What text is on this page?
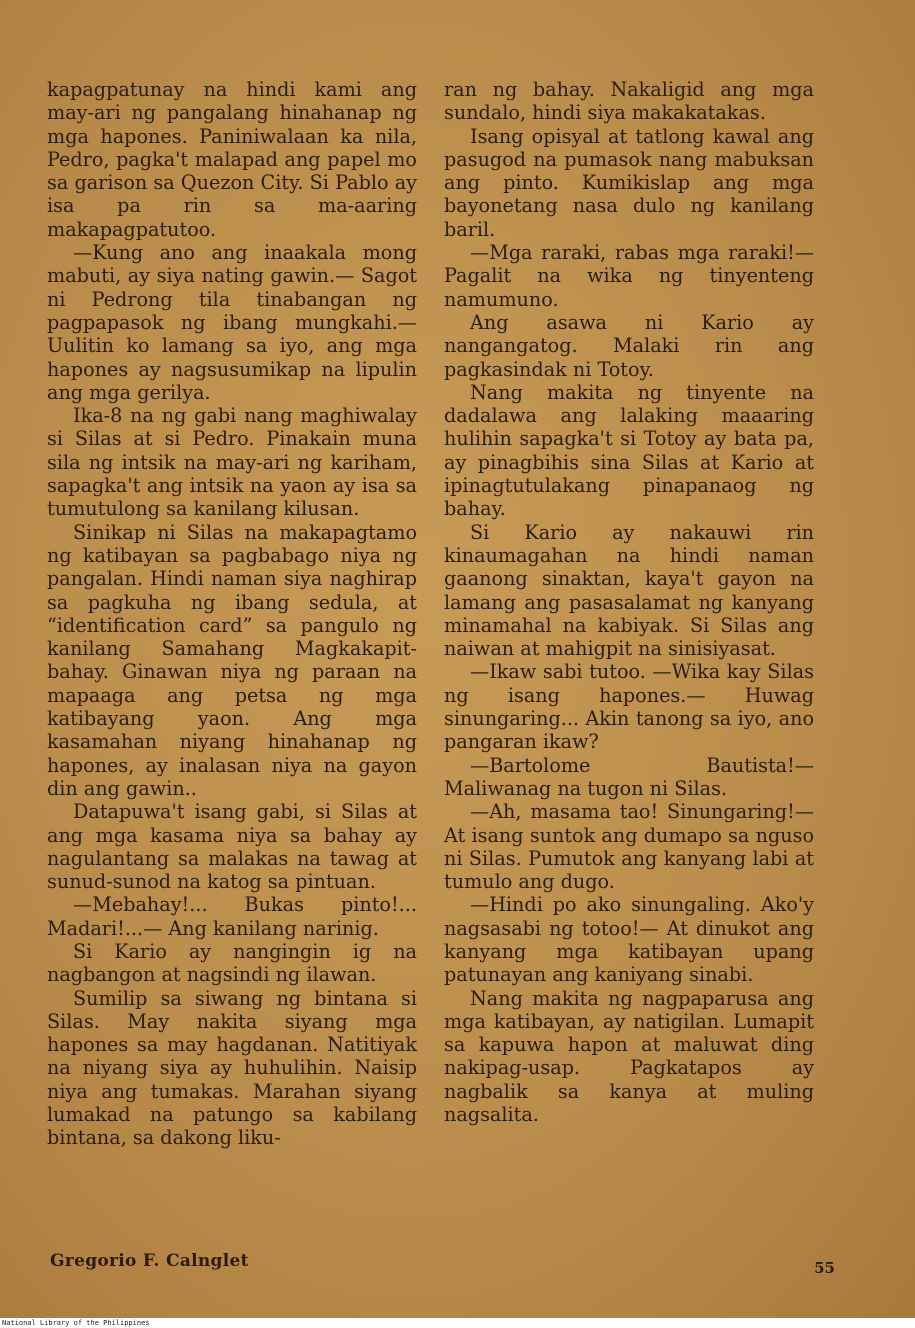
kapagpatunay na hindi kami ang may-ari ng pangalang hinahanap ng mga hapones. Paniniwalaan ka nila, Pedro, pagka't malapad ang papel mo sa garison sa Quezon City. Si Pablo ay isa pa rin sa ma-aaring makapagpatutoo.

—Kung ano ang inaakala mong mabuti, ay siya nating gawin.— Sagot ni Pedrong tila tinabangan ng pagpapasok ng ibang mungkahi.—Uulitin ko lamang sa iyo, ang mga hapones ay nagsusumikap na lipulin ang mga gerilya.

Ika-8 na ng gabi nang maghiwalay si Silas at si Pedro. Pinakain muna sila ng intsik na may-ari ng kariham, sapagka't ang intsik na yaon ay isa sa tumutulong sa kanilang kilusan.

Sinikap ni Silas na makapagtamo ng katibayan sa pagbabago niya ng pangalan. Hindi naman siya naghirap sa pagkuha ng ibang sedula, at “identification card” sa pangulo ng kanilang Samahang Magkakapit-bahay. Ginawan niya ng paraan na mapaaga ang petsa ng mga katibayang yaon. Ang mga kasamahan niyang hinahanap ng hapones, ay inalasan niya na gayon din ang gawin..

Datapuwa't isang gabi, si Silas at ang mga kasama niya sa bahay ay nagulantang sa malakas na tawag at sunud-sunod na katog sa pintuan.

—Mebahay!... Bukas pinto!... Madari!...— Ang kanilang narinig.

Si Kario ay nangingin ig na nagbangon at nagsindi ng ilawan.

Sumilip sa siwang ng bintana si Silas. May nakita siyang mga hapones sa may hagdanan. Natitiyak na niyang siya ay huhulihin. Naisip niya ang tumakas. Marahan siyang lumakad na patungo sa kabilang bintana, sa dakong liku-

ran ng bahay. Nakaligid ang mga sundalo, hindi siya makakatakas.

Isang opisyal at tatlong kawal ang pasugod na pumasok nang mabuksan ang pinto. Kumikislap ang mga bayonetang nasa dulo ng kanilang baril.

—Mga raraki, rabas mga raraki!—Pagalit na wika ng tinyenteng namumuno.

Ang asawa ni Kario ay nangangatog. Malaki rin ang pagkasindak ni Totoy.

Nang makita ng tinyente na dadalawa ang lalaking maaaring hulihin sapagka't si Totoy ay bata pa, ay pinagbihis sina Silas at Kario at ipinagtutulakang pinapanaog ng bahay.

Si Kario ay nakauwi rin kinaumagahan na hindi naman gaanong sinaktan, kaya't gayon na lamang ang pasasalamat ng kanyang minamahal na kabiyak. Si Silas ang naiwan at mahigpit na sinisiyasat.

—Ikaw sabi tutoo. —Wika kay Silas ng isang hapones.— Huwag sinungaring... Akin tanong sa iyo, ano pangaran ikaw?

—Bartolome Bautista!— Maliwanag na tugon ni Silas.

—Ah, masama tao! Sinungaring!— At isang suntok ang dumapo sa nguso ni Silas. Pumutok ang kanyang labi at tumulo ang dugo.

—Hindi po ako sinungaling. Ako'y nagsasabi ng totoo!— At dinukot ang kanyang mga katibayan upang patunayan ang kaniyang sinabi.

Nang makita ng nagpaparusa ang mga katibayan, ay natigilan. Lumapit sa kapuwa hapon at maluwat ding nakipag-usap. Pagkatapos ay nagbalik sa kanya at muling nagsalita.

Gregorio F. Calnglet	55
National Library of the Philippines
